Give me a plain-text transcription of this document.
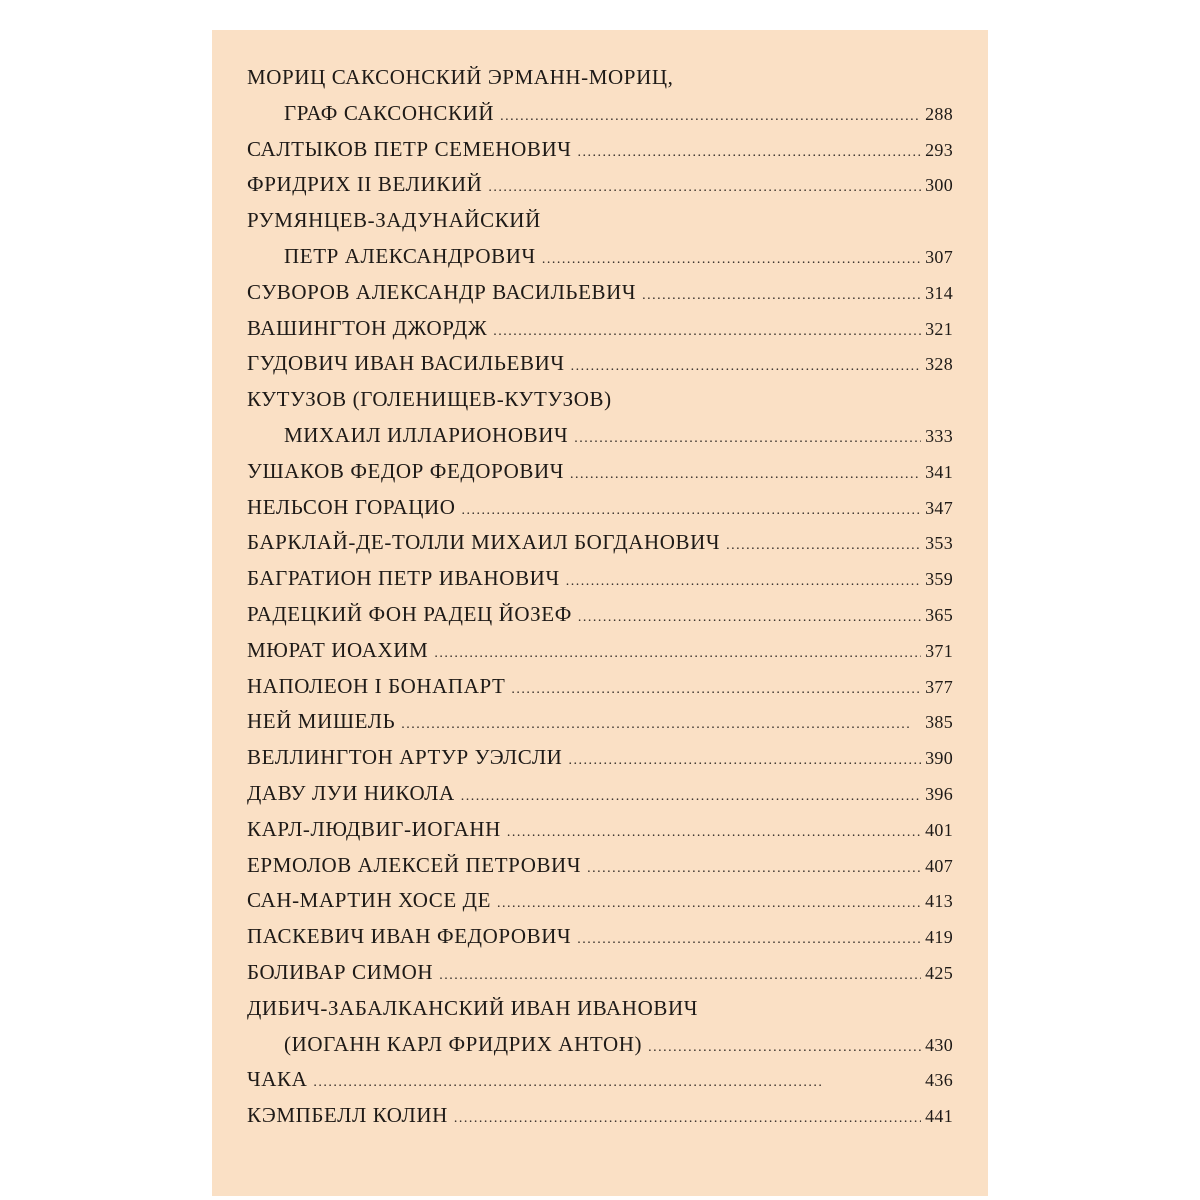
МОРИЦ САКСОНСКИЙ ЭРМАНН-МОРИЦ,
ГРАФ САКСОНСКИЙ . . .	288
САЛТЫКОВ ПЕТР СЕМЕНОВИЧ . . .	293
ФРИДРИХ II ВЕЛИКИЙ . . .	300
РУМЯНЦЕВ-ЗАДУНАЙСКИЙ
ПЕТР АЛЕКСАНДРОВИЧ . . .	307
СУВОРОВ АЛЕКСАНДР ВАСИЛЬЕВИЧ . . .	314
ВАШИНГТОН ДЖОРДЖ . . .	321
ГУДОВИЧ ИВАН ВАСИЛЬЕВИЧ . . .	328
КУТУЗОВ (ГОЛЕНИЩЕВ-КУТУЗОВ)
МИХАИЛ ИЛЛАРИОНОВИЧ . . .	333
УШАКОВ ФЕДОР ФЕДОРОВИЧ . . .	341
НЕЛЬСОН ГОРАЦИО . . .	347
БАРКЛАЙ-ДЕ-ТОЛЛИ МИХАИЛ БОГДАНОВИЧ . . .	353
БАГРАТИОН ПЕТР ИВАНОВИЧ . . .	359
РАДЕЦКИЙ ФОН РАДЕЦ ЙОЗЕФ . . .	365
МЮРАТ ИОАХИМ . . .	371
НАПОЛЕОН I БОНАПАРТ . . .	377
НЕЙ МИШЕЛЬ . . .	385
ВЕЛЛИНГТОН АРТУР УЭЛСЛИ . . .	390
ДАВУ ЛУИ НИКОЛА . . .	396
КАРЛ-ЛЮДВИГ-ИОГАНН . . .	401
ЕРМОЛОВ АЛЕКСЕЙ ПЕТРОВИЧ . . .	407
САН-МАРТИН ХОСЕ ДЕ . . .	413
ПАСКЕВИЧ ИВАН ФЕДОРОВИЧ . . .	419
БОЛИВАР СИМОН . . .	425
ДИБИЧ-ЗАБАЛКАНСКИЙ ИВАН ИВАНОВИЧ
(ИОГАНН КАРЛ ФРИДРИХ АНТОН) . . .	430
ЧАКА . . .	436
КЭМПБЕЛЛ КОЛИН . . .	441
